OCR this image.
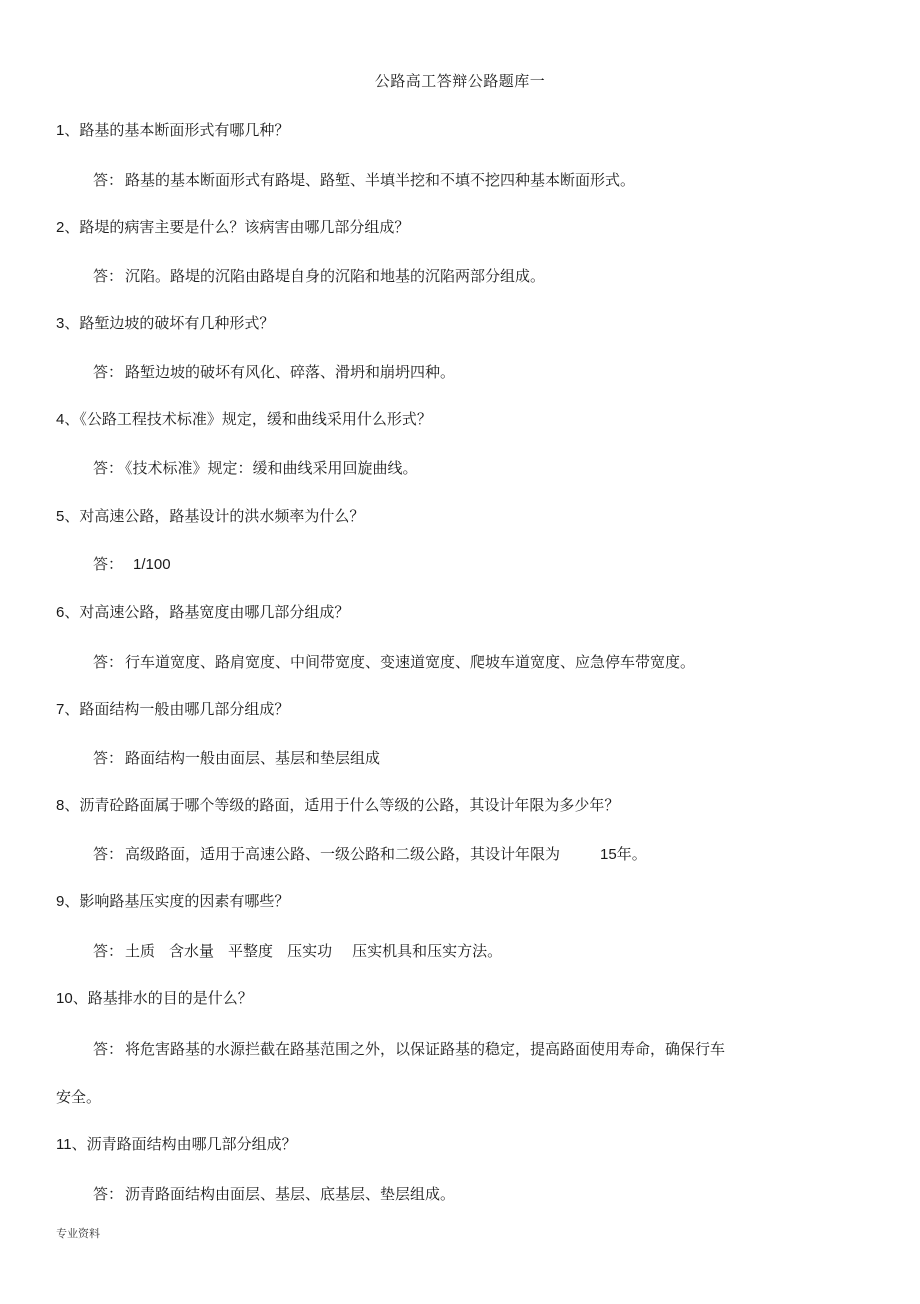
公路高工答辩公路题库一
1、路基的基本断面形式有哪几种？
答： 路基的基本断面形式有路堤、路堑、半填半挖和不填不挖四种基本断面形式。
2、路堤的病害主要是什么？该病害由哪几部分组成？
答： 沉陷。路堤的沉陷由路堤自身的沉陷和地基的沉陷两部分组成。
3、路堑边坡的破坏有几种形式？
答： 路堑边坡的破坏有风化、碎落、滑坍和崩坍四种。
4、《公路工程技术标准》规定，缓和曲线采用什么形式？
答： 《技术标准》规定：缓和曲线采用回旋曲线。
5、对高速公路，路基设计的洪水频率为什么？
答： 1/100
6、对高速公路，路基宽度由哪几部分组成？
答： 行车道宽度、路肩宽度、中间带宽度、变速道宽度、爬坡车道宽度、应急停车带宽度。
7、路面结构一般由哪几部分组成？
答： 路面结构一般由面层、基层和垫层组成
8、沥青砼路面属于哪个等级的路面，适用于什么等级的公路，其设计年限为多少年？
答： 高级路面，适用于高速公路、一级公路和二级公路，其设计年限为	15年。
9、影响路基压实度的因素有哪些？
答： 土质 含水量 平整度 压实功 压实机具和压实方法。
10、路基排水的目的是什么？
答： 将危害路基的水源拦截在路基范围之外，以保证路基的稳定，提高路面使用寿命，确保行车
安全。
11、沥青路面结构由哪几部分组成？
答： 沥青路面结构由面层、基层、底基层、垫层组成。
专业资料
